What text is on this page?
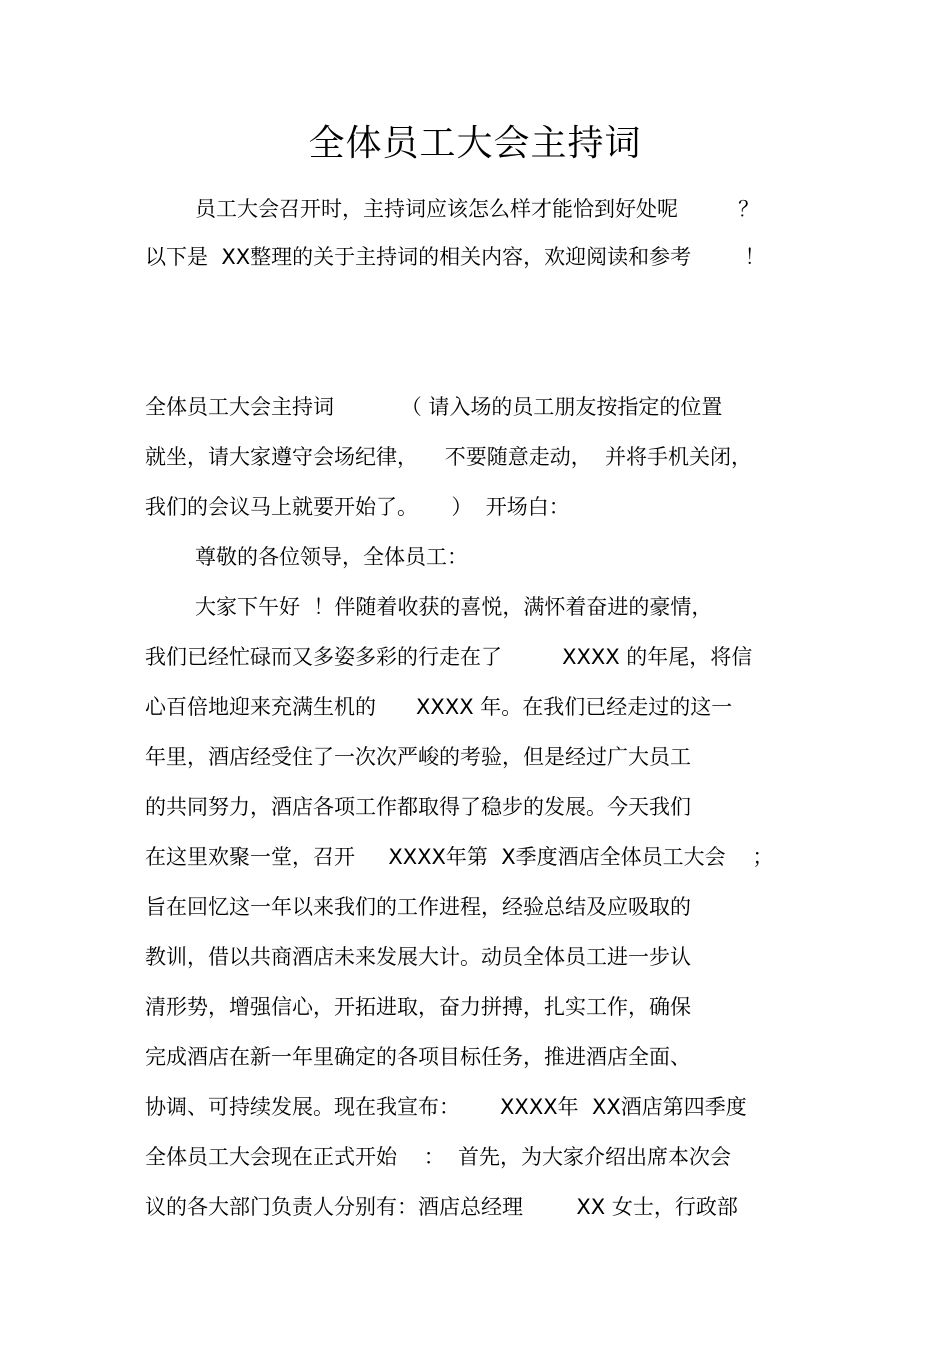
全体员工大会主持词
员工大会召开时，主持词应该怎么样才能恰到好处呢         ？
以下是  XX整理的关于主持词的相关内容，欢迎阅读和参考        ！
全体员工大会主持词          （ 请入场的员工朋友按指定的位置
就坐，请大家遵守会场纪律，    不要随意走动，  并将手机关闭，
我们的会议马上就要开始了。     ）  开场白：
尊敬的各位领导，全体员工：
大家下午好  ！伴随着收获的喜悦，满怀着奋进的豪情，
我们已经忙碌而又多姿多彩的行走在了         XXXX 的年尾，将信
心百倍地迎来充满生机的      XXXX 年。在我们已经走过的这一
年里，酒店经受住了一次次严峻的考验，但是经过广大员工
的共同努力，酒店各项工作都取得了稳步的发展。今天我们
在这里欢聚一堂，召开     XXXX年第  X季度酒店全体员工大会    ；
旨在回忆这一年以来我们的工作进程，经验总结及应吸取的
教训，借以共商酒店未来发展大计。动员全体员工进一步认
清形势，增强信心，开拓进取，奋力拼搏，扎实工作，确保
完成酒店在新一年里确定的各项目标任务，推进酒店全面、
协调、可持续发展。现在我宣布：      XXXX年  XX酒店第四季度
全体员工大会现在正式开始    ：  首先，为大家介绍出席本次会
议的各大部门负责人分别有：酒店总经理        XX 女士，行政部
